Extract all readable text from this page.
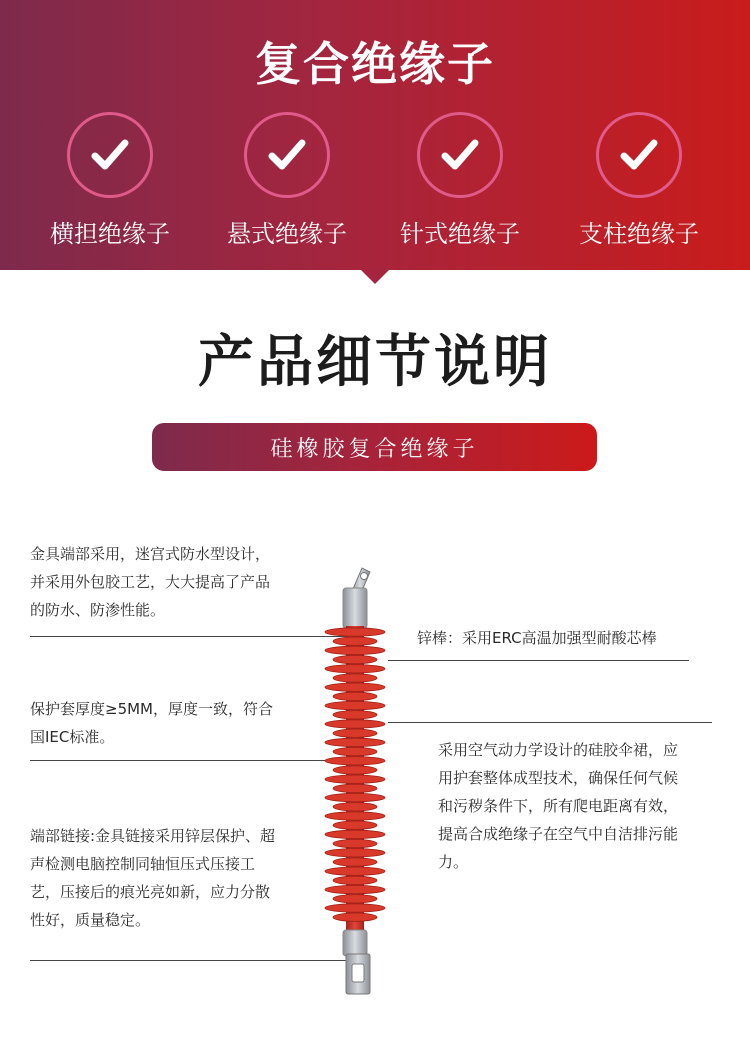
复合绝缘子
横担绝缘子	悬式绝缘子	针式绝缘子	支柱绝缘子
产品细节说明
硅橡胶复合绝缘子
金具端部采用，迷宫式防水型设计，
并采用外包胶工艺，大大提高了产品
的防水、防渗性能。
保护套厚度≥5MM，厚度一致，符合
国IEC标准。
端部链接:金具链接采用锌层保护、超
声检测电脑控制同轴恒压式压接工
艺，压接后的痕光亮如新，应力分散
性好，质量稳定。
锌棒：采用ERC高温加强型耐酸芯棒
采用空气动力学设计的硅胶伞裙，应
用护套整体成型技术，确保任何气候
和污秽条件下，所有爬电距离有效，
提高合成绝缘子在空气中自洁排污能
力。
